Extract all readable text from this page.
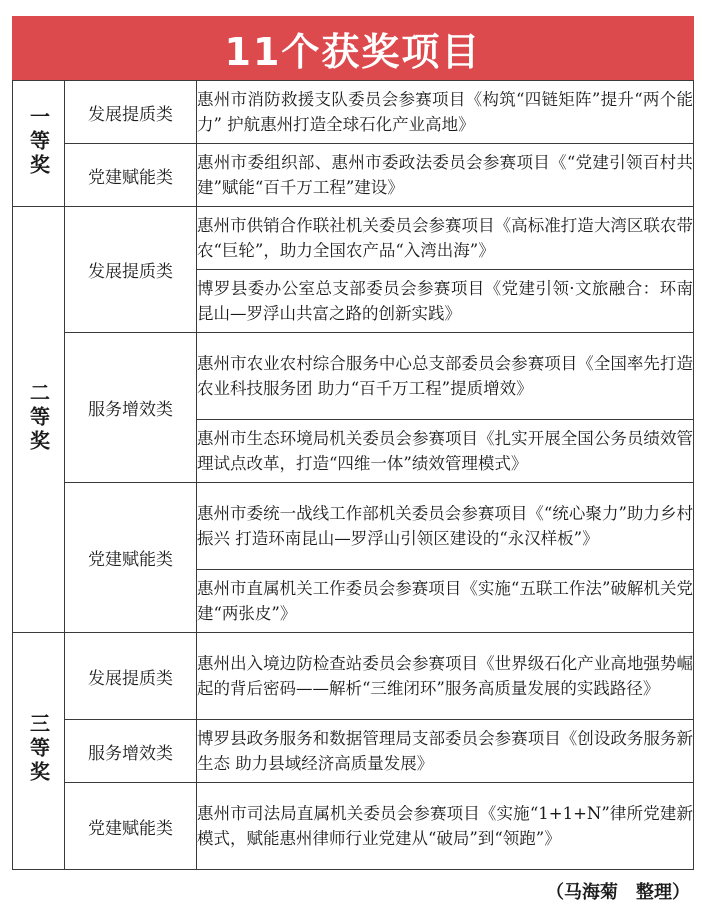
11个获奖项目
一等奖	发展提质类	惠州市消防救援支队委员会参赛项目《构筑“四链矩阵”提升“两个能力” 护航惠州打造全球石化产业高地》
	党建赋能类	惠州市委组织部、惠州市委政法委员会参赛项目《“党建引领百村共建”赋能“百千万工程”建设》
二等奖	发展提质类	惠州市供销合作联社机关委员会参赛项目《高标准打造大湾区联农带农“巨轮”，助力全国农产品“入湾出海”》
		博罗县委办公室总支部委员会参赛项目《党建引领·文旅融合：环南昆山—罗浮山共富之路的创新实践》
	服务增效类	惠州市农业农村综合服务中心总支部委员会参赛项目《全国率先打造农业科技服务团 助力“百千万工程”提质增效》
		惠州市生态环境局机关委员会参赛项目《扎实开展全国公务员绩效管理试点改革，打造“四维一体”绩效管理模式》
	党建赋能类	惠州市委统一战线工作部机关委员会参赛项目《“统心聚力”助力乡村振兴 打造环南昆山—罗浮山引领区建设的“永汉样板”》
		惠州市直属机关工作委员会参赛项目《实施“五联工作法”破解机关党建“两张皮”》
三等奖	发展提质类	惠州出入境边防检查站委员会参赛项目《世界级石化产业高地强势崛起的背后密码——解析“三维闭环”服务高质量发展的实践路径》
	服务增效类	博罗县政务服务和数据管理局支部委员会参赛项目《创设政务服务新生态 助力县域经济高质量发展》
	党建赋能类	惠州市司法局直属机关委员会参赛项目《实施“1+1+N”律所党建新模式，赋能惠州律师行业党建从“破局”到“领跑”》
（马海菊　整理）
